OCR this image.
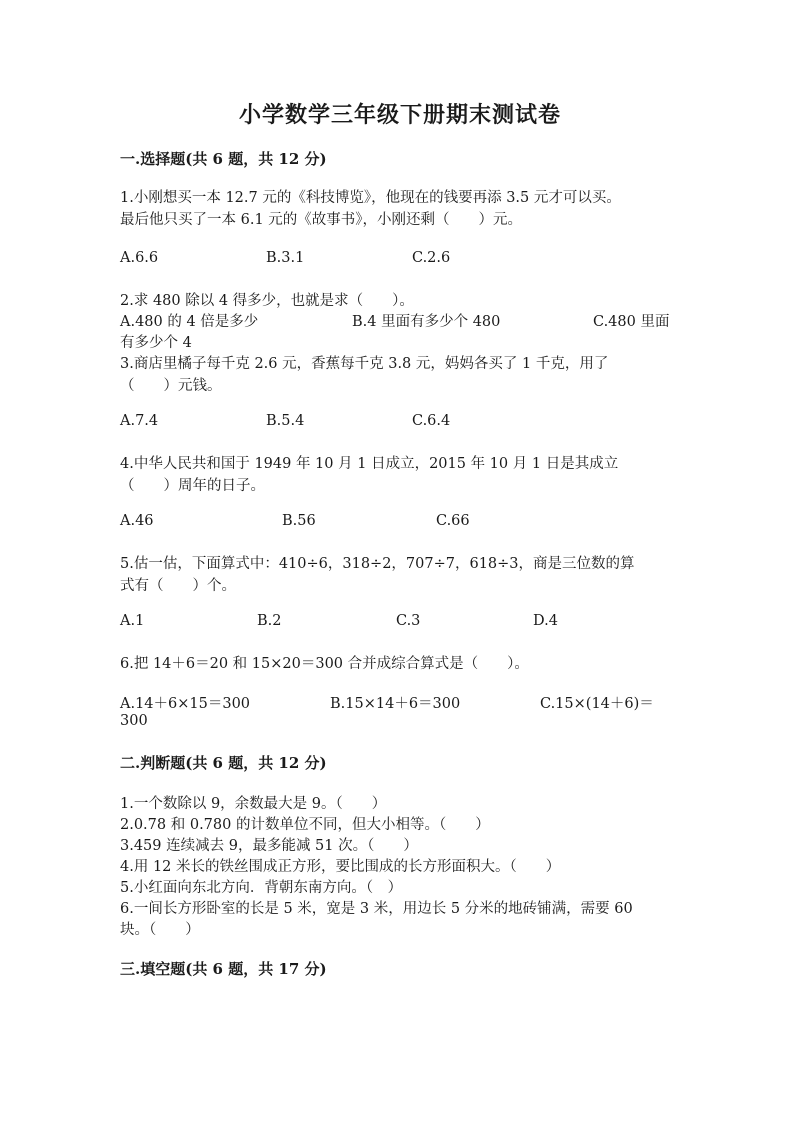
小学数学三年级下册期末测试卷
一.选择题(共 6 题，共 12 分)
1.小刚想买一本 12.7 元的《科技博览》，他现在的钱要再添 3.5 元才可以买。
最后他只买了一本 6.1 元的《故事书》，小刚还剩（　　）元。
A.6.6	B.3.1	C.2.6
2.求 480 除以 4 得多少，也就是求（　　）。
A.480 的 4 倍是多少	B.4 里面有多少个 480	C.480 里面
有多少个 4
3.商店里橘子每千克 2.6 元，香蕉每千克 3.8 元，妈妈各买了 1 千克，用了
（　　）元钱。
A.7.4	B.5.4	C.6.4
4.中华人民共和国于 1949 年 10 月 1 日成立，2015 年 10 月 1 日是其成立
（　　）周年的日子。
A.46	B.56	C.66
5.估一估，下面算式中：410÷6，318÷2，707÷7，618÷3，商是三位数的算
式有（　　）个。
A.1	B.2	C.3	D.4
6.把 14＋6＝20 和 15×20＝300 合并成综合算式是（　　）。
A.14＋6×15＝300	B.15×14＋6＝300	C.15×(14＋6)＝
300
二.判断题(共 6 题，共 12 分)
1.一个数除以 9，余数最大是 9。（　　）
2.0.78 和 0.780 的计数单位不同，但大小相等。（　　）
3.459 连续减去 9，最多能减 51 次。（　　）
4.用 12 米长的铁丝围成正方形，要比围成的长方形面积大。（　　）
5.小红面向东北方向．背朝东南方向。（　）
6.一间长方形卧室的长是 5 米，宽是 3 米，用边长 5 分米的地砖铺满，需要 60
块。（　　）
三.填空题(共 6 题，共 17 分)
